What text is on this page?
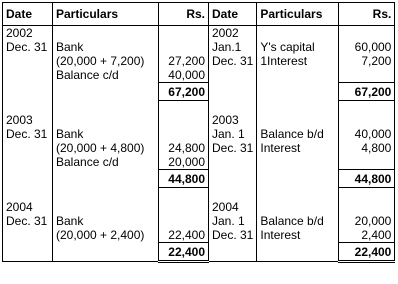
Date	Particulars	Rs.	Date	Particulars	Rs.
2002			2002		
Dec. 31	Bank		Jan.1	Y's capital	60,000
	(20,000 + 7,200)	27,200	Dec. 31	1Interest	7,200
	Balance c/d	40,000			
		67,200			67,200

2003			2003		
Dec. 31	Bank		Jan. 1	Balance b/d	40,000
	(20,000 + 4,800)	24,800	Dec. 31	Interest	4,800
	Balance c/d	20,000			
		44,800			44,800

2004			2004		
Dec. 31	Bank		Jan. 1	Balance b/d	20,000
	(20,000 + 2,400)	22,400	Dec. 31	Interest	2,400

		22,400			22,400
